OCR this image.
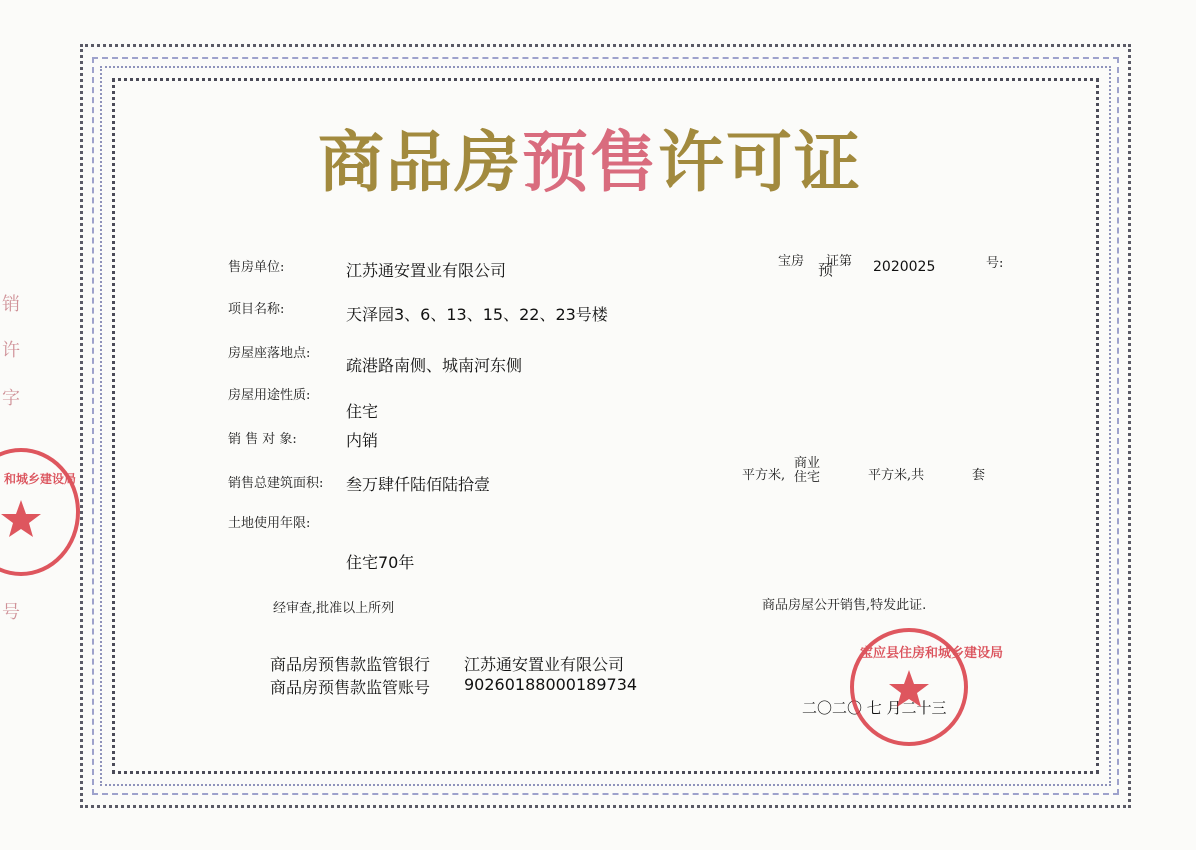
商品房预售许可证
宝房 预
证第 2020025	号:
售房单位:	江苏通安置业有限公司
项目名称:	天泽园3、6、13、15、22、23号楼
房屋座落地点:
疏港路南侧、城南河东侧
房屋用途性质:
住宅
销 售 对 象:	内销
销售总建筑面积: 叁万肆仟陆佰陆拾壹	平方米,
商业
住宅	平方米,共	套
土地使用年限:
住宅70年
经审查,批准以上所列	商品房屋公开销售,特发此证.
商品房预售款监管银行 江苏通安置业有限公司
商品房预售款监管账号 90260188000189734
二〇二〇 七 月二十三
宝应县住房和城乡建设局
和城乡建设局
销
许
字
号
